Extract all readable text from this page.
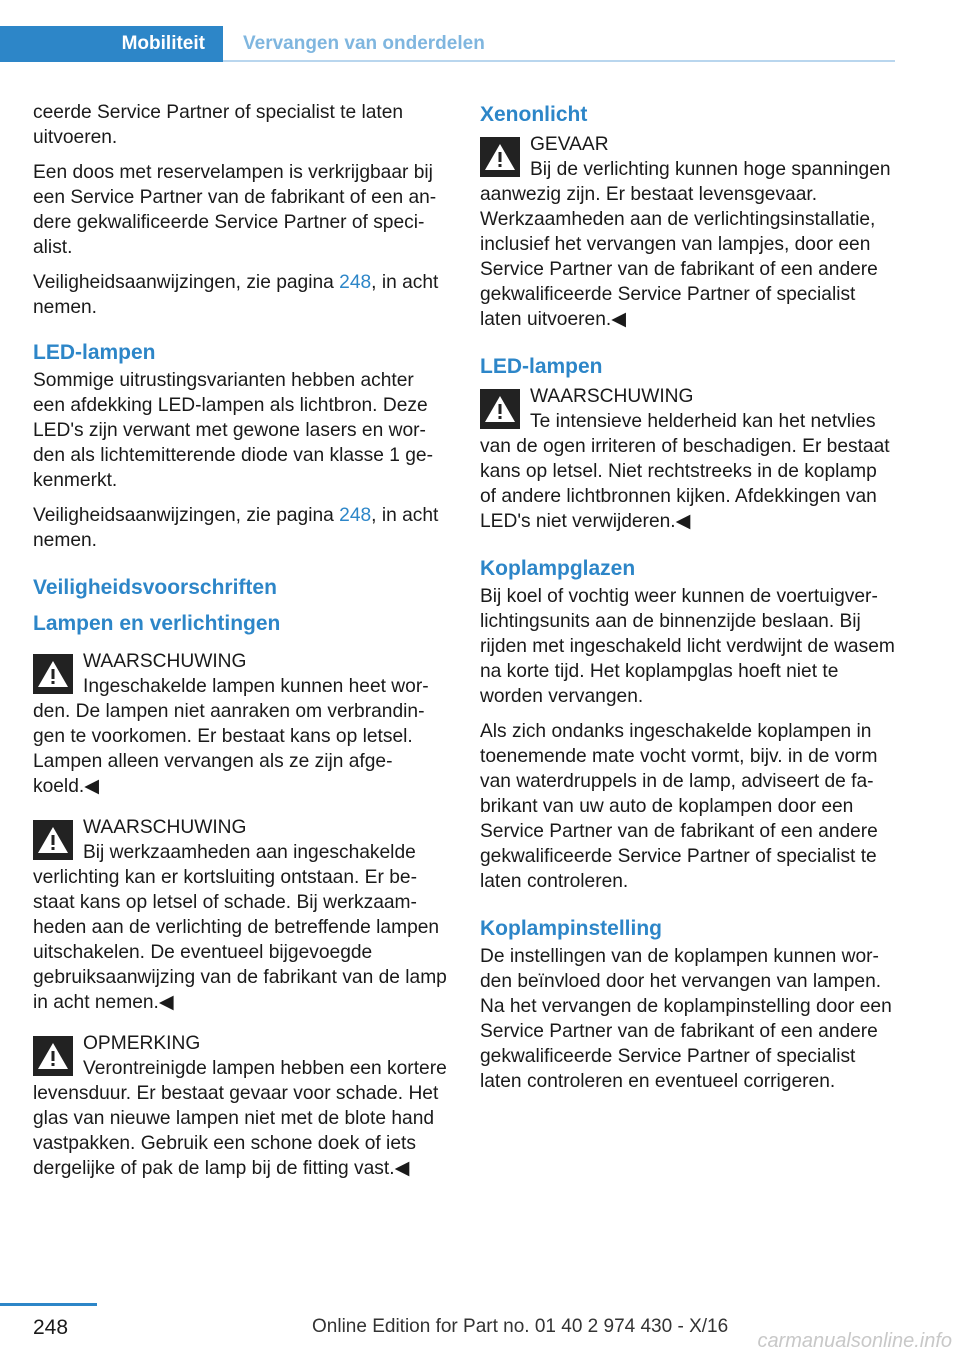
Mobiliteit	Vervangen van onderdelen

ceerde Service Partner of specialist te laten uitvoeren.

Een doos met reservelampen is verkrijgbaar bij een Service Partner van de fabrikant of een andere gekwalificeerde Service Partner of specialist.

Veiligheidsaanwijzingen, zie pagina 248, in acht nemen.

LED-lampen

Sommige uitrustingsvarianten hebben achter een afdekking LED-lampen als lichtbron. Deze LED's zijn verwant met gewone lasers en worden als lichtemitterende diode van klasse 1 gekenmerkt.

Veiligheidsaanwijzingen, zie pagina 248, in acht nemen.

Veiligheidsvoorschriften
Lampen en verlichtingen
WAARSCHUWING
Ingeschakelde lampen kunnen heet worden. De lampen niet aanraken om verbrandingen te voorkomen. Er bestaat kans op letsel. Lampen alleen vervangen als ze zijn afgekoeld.◀
WAARSCHUWING
Bij werkzaamheden aan ingeschakelde verlichting kan er kortsluiting ontstaan. Er bestaat kans op letsel of schade. Bij werkzaamheden aan de verlichting de betreffende lampen uitschakelen. De eventueel bijgevoegde gebruiksaanwijzing van de fabrikant van de lamp in acht nemen.◀
OPMERKING
Verontreinigde lampen hebben een kortere levensduur. Er bestaat gevaar voor schade. Het glas van nieuwe lampen niet met de blote hand vastpakken. Gebruik een schone doek of iets dergelijke of pak de lamp bij de fitting vast.◀
Xenonlicht
GEVAAR
Bij de verlichting kunnen hoge spanningen aanwezig zijn. Er bestaat levensgevaar. Werkzaamheden aan de verlichtingsinstallatie, inclusief het vervangen van lampjes, door een Service Partner van de fabrikant of een andere gekwalificeerde Service Partner of specialist laten uitvoeren.◀
LED-lampen
WAARSCHUWING
Te intensieve helderheid kan het netvlies van de ogen irriteren of beschadigen. Er bestaat kans op letsel. Niet rechtstreeks in de koplamp of andere lichtbronnen kijken. Afdekkingen van LED's niet verwijderen.◀
Koplampglazen

Bij koel of vochtig weer kunnen de voertuigverlichtingsunits aan de binnenzijde beslaan. Bij rijden met ingeschakeld licht verdwijnt de wasem na korte tijd. Het koplampglas hoeft niet te worden vervangen.

Als zich ondanks ingeschakelde koplampen in toenemende mate vocht vormt, bijv. in de vorm van waterdruppels in de lamp, adviseert de fabrikant van uw auto de koplampen door een Service Partner van de fabrikant of een andere gekwalificeerde Service Partner of specialist te laten controleren.

Koplampinstelling

De instellingen van de koplampen kunnen worden beïnvloed door het vervangen van lampen. Na het vervangen de koplampinstelling door een Service Partner van de fabrikant of een andere gekwalificeerde Service Partner of specialist laten controleren en eventueel corrigeren.

248	Online Edition for Part no. 01 40 2 974 430 - X/16
carmanualsonline.info
